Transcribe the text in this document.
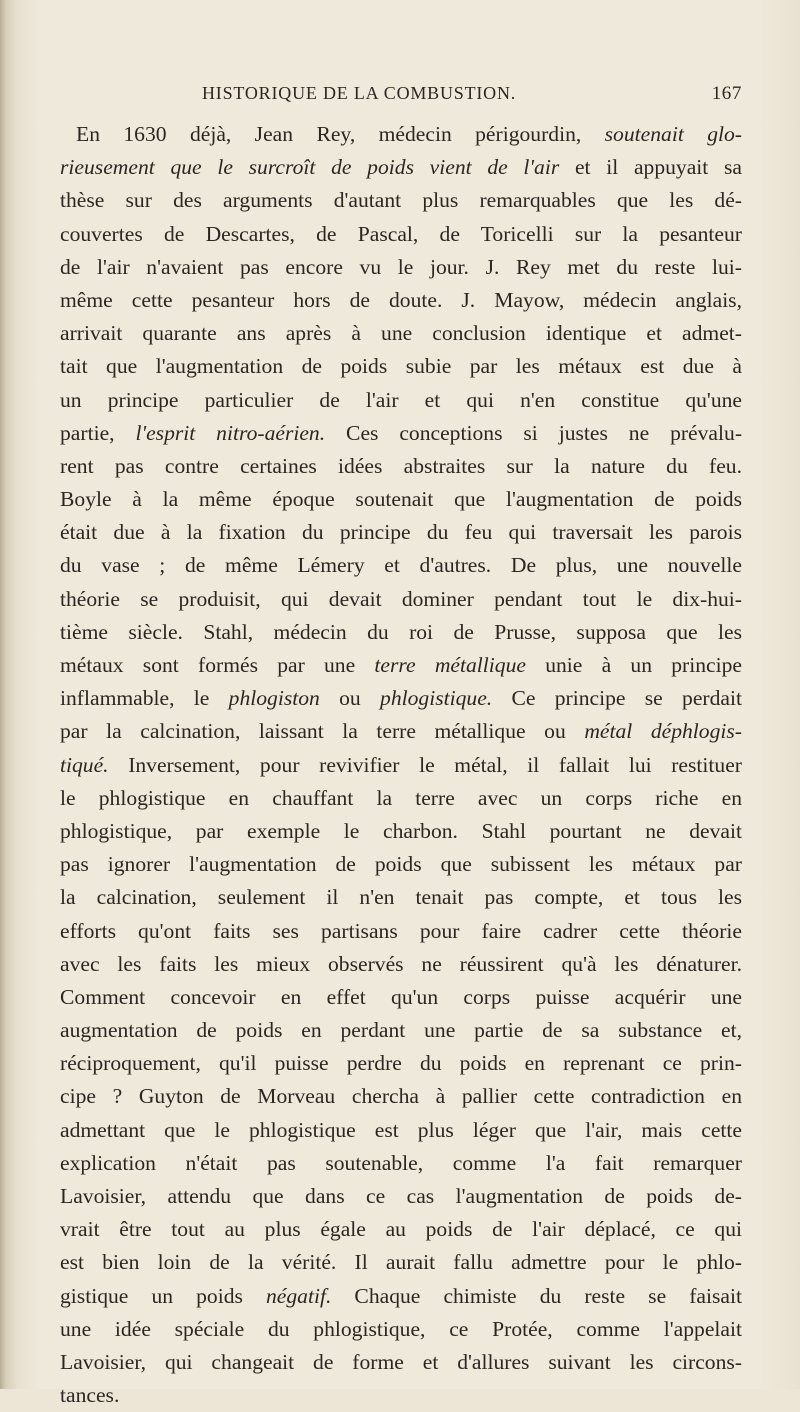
HISTORIQUE DE LA COMBUSTION.	167
En 1630 déjà, Jean Rey, médecin périgourdin, soutenait glo-
rieusement que le surcroît de poids vient de l'air et il appuyait sa
thèse sur des arguments d'autant plus remarquables que les dé-
couvertes de Descartes, de Pascal, de Toricelli sur la pesanteur
de l'air n'avaient pas encore vu le jour. J. Rey met du reste lui-
même cette pesanteur hors de doute. J. Mayow, médecin anglais,
arrivait quarante ans après à une conclusion identique et admet-
tait que l'augmentation de poids subie par les métaux est due à
un principe particulier de l'air et qui n'en constitue qu'une
partie, l'esprit nitro-aérien. Ces conceptions si justes ne prévalu-
rent pas contre certaines idées abstraites sur la nature du feu.
Boyle à la même époque soutenait que l'augmentation de poids
était due à la fixation du principe du feu qui traversait les parois
du vase ; de même Lémery et d'autres. De plus, une nouvelle
théorie se produisit, qui devait dominer pendant tout le dix-hui-
tième siècle. Stahl, médecin du roi de Prusse, supposa que les
métaux sont formés par une terre métallique unie à un principe
inflammable, le phlogiston ou phlogistique. Ce principe se perdait
par la calcination, laissant la terre métallique ou métal déphlogis-
tiqué. Inversement, pour revivifier le métal, il fallait lui restituer
le phlogistique en chauffant la terre avec un corps riche en
phlogistique, par exemple le charbon. Stahl pourtant ne devait
pas ignorer l'augmentation de poids que subissent les métaux par
la calcination, seulement il n'en tenait pas compte, et tous les
efforts qu'ont faits ses partisans pour faire cadrer cette théorie
avec les faits les mieux observés ne réussirent qu'à les dénaturer.
Comment concevoir en effet qu'un corps puisse acquérir une
augmentation de poids en perdant une partie de sa substance et,
réciproquement, qu'il puisse perdre du poids en reprenant ce prin-
cipe ? Guyton de Morveau chercha à pallier cette contradiction en
admettant que le phlogistique est plus léger que l'air, mais cette
explication n'était pas soutenable, comme l'a fait remarquer
Lavoisier, attendu que dans ce cas l'augmentation de poids de-
vrait être tout au plus égale au poids de l'air déplacé, ce qui
est bien loin de la vérité. Il aurait fallu admettre pour le phlo-
gistique un poids négatif. Chaque chimiste du reste se faisait
une idée spéciale du phlogistique, ce Protée, comme l'appelait
Lavoisier, qui changeait de forme et d'allures suivant les circons-
tances.
